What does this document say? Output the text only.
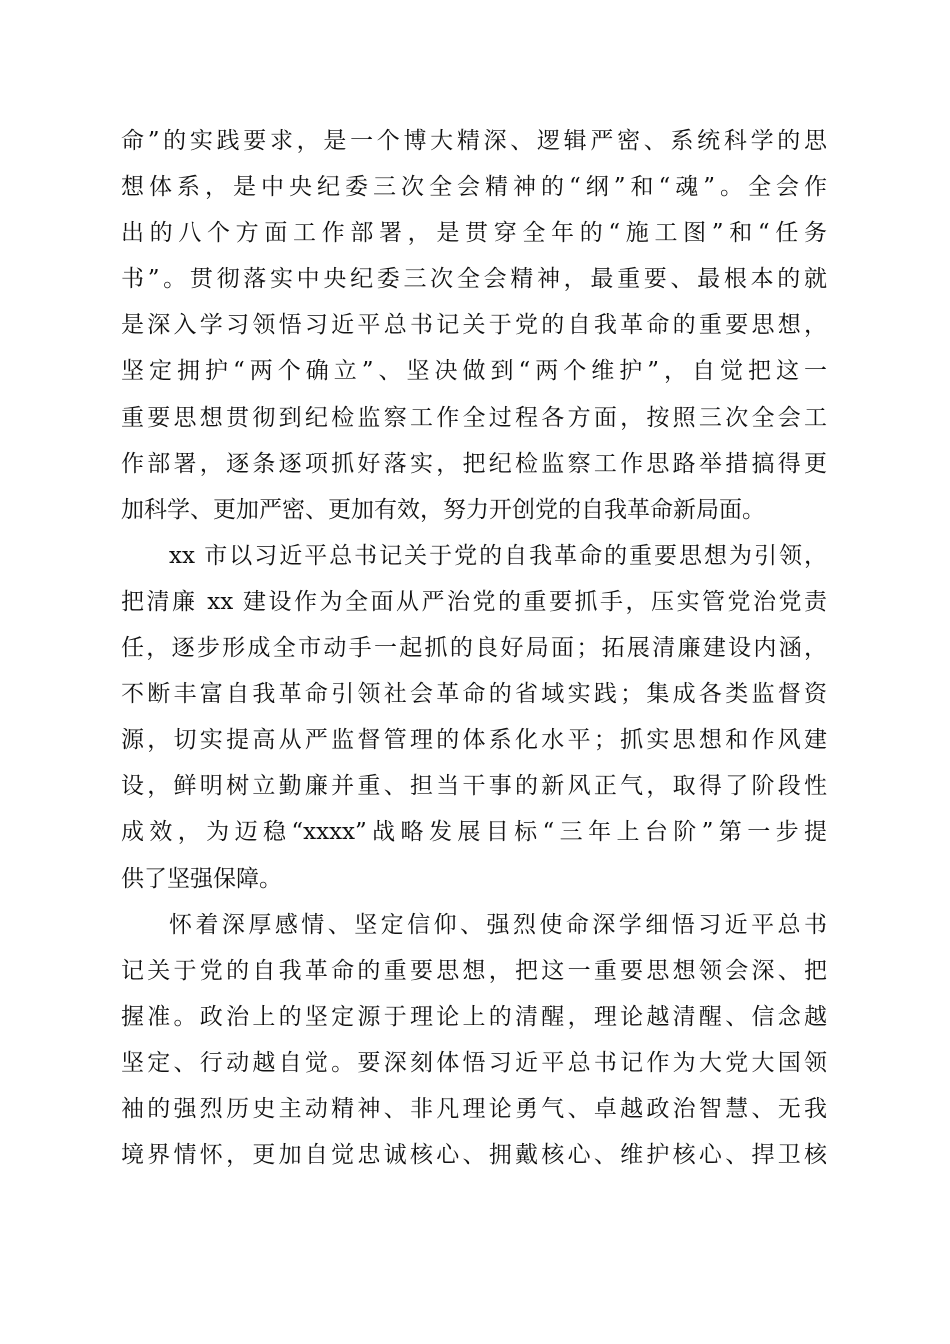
命”的实践要求，是一个博大精深、逻辑严密、系统科学的思
想体系，是中央纪委三次全会精神的“纲”和“魂”。全会作
出的八个方面工作部署，是贯穿全年的“施工图”和“任务
书”。贯彻落实中央纪委三次全会精神，最重要、最根本的就
是深入学习领悟习近平总书记关于党的自我革命的重要思想，
坚定拥护“两个确立”、坚决做到“两个维护”，自觉把这一
重要思想贯彻到纪检监察工作全过程各方面，按照三次全会工
作部署，逐条逐项抓好落实，把纪检监察工作思路举措搞得更
加科学、更加严密、更加有效，努力开创党的自我革命新局面。
xx 市以习近平总书记关于党的自我革命的重要思想为引领，
把清廉 xx 建设作为全面从严治党的重要抓手，压实管党治党责
任，逐步形成全市动手一起抓的良好局面；拓展清廉建设内涵，
不断丰富自我革命引领社会革命的省域实践；集成各类监督资
源，切实提高从严监督管理的体系化水平；抓实思想和作风建
设，鲜明树立勤廉并重、担当干事的新风正气，取得了阶段性
成效，为迈稳“xxxx”战略发展目标“三年上台阶”第一步提
供了坚强保障。
怀着深厚感情、坚定信仰、强烈使命深学细悟习近平总书
记关于党的自我革命的重要思想，把这一重要思想领会深、把
握准。政治上的坚定源于理论上的清醒，理论越清醒、信念越
坚定、行动越自觉。要深刻体悟习近平总书记作为大党大国领
袖的强烈历史主动精神、非凡理论勇气、卓越政治智慧、无我
境界情怀，更加自觉忠诚核心、拥戴核心、维护核心、捍卫核
